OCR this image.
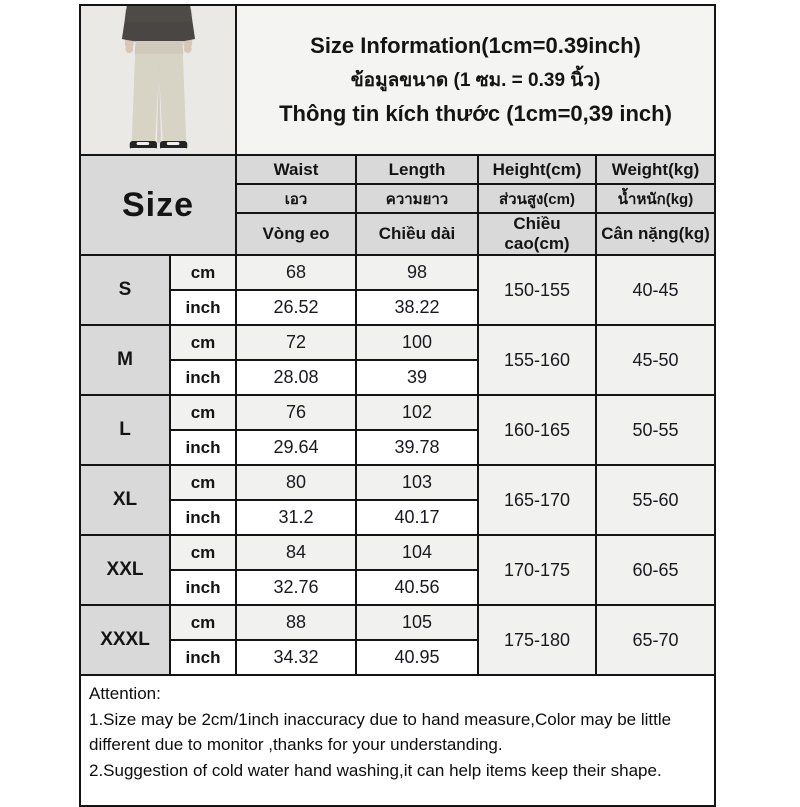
Size Information(1cm=0.39inch)
ข้อมูลขนาด (1 ซม. = 0.39 นิ้ว)
Thông tin kích thước (1cm=0,39 inch)			

Size		Waist	Length	Height(cm)	Weight(kg)
		เอว	ความยาว	ส่วนสูง(cm)	น้ำหนัก(kg)
		Vòng eo	Chiều dài	Chiều cao(cm)	Cân nặng(kg)
S	cm	68	98	150-155	40-45
	inch	26.52	38.22		
M	cm	72	100	155-160	45-50
	inch	28.08	39		
L	cm	76	102	160-165	50-55
	inch	29.64	39.78		
XL	cm	80	103	165-170	55-60
	inch	31.2	40.17		
XXL	cm	84	104	170-175	60-65
	inch	32.76	40.56		
XXXL	cm	88	105	175-180	65-70
	inch	34.32	40.95		

Attention:
1.Size may be 2cm/1inch inaccuracy due to hand measure,Color may be little different due to monitor ,thanks for your understanding.
2.Suggestion of cold water hand washing,it can help items keep their shape.					
